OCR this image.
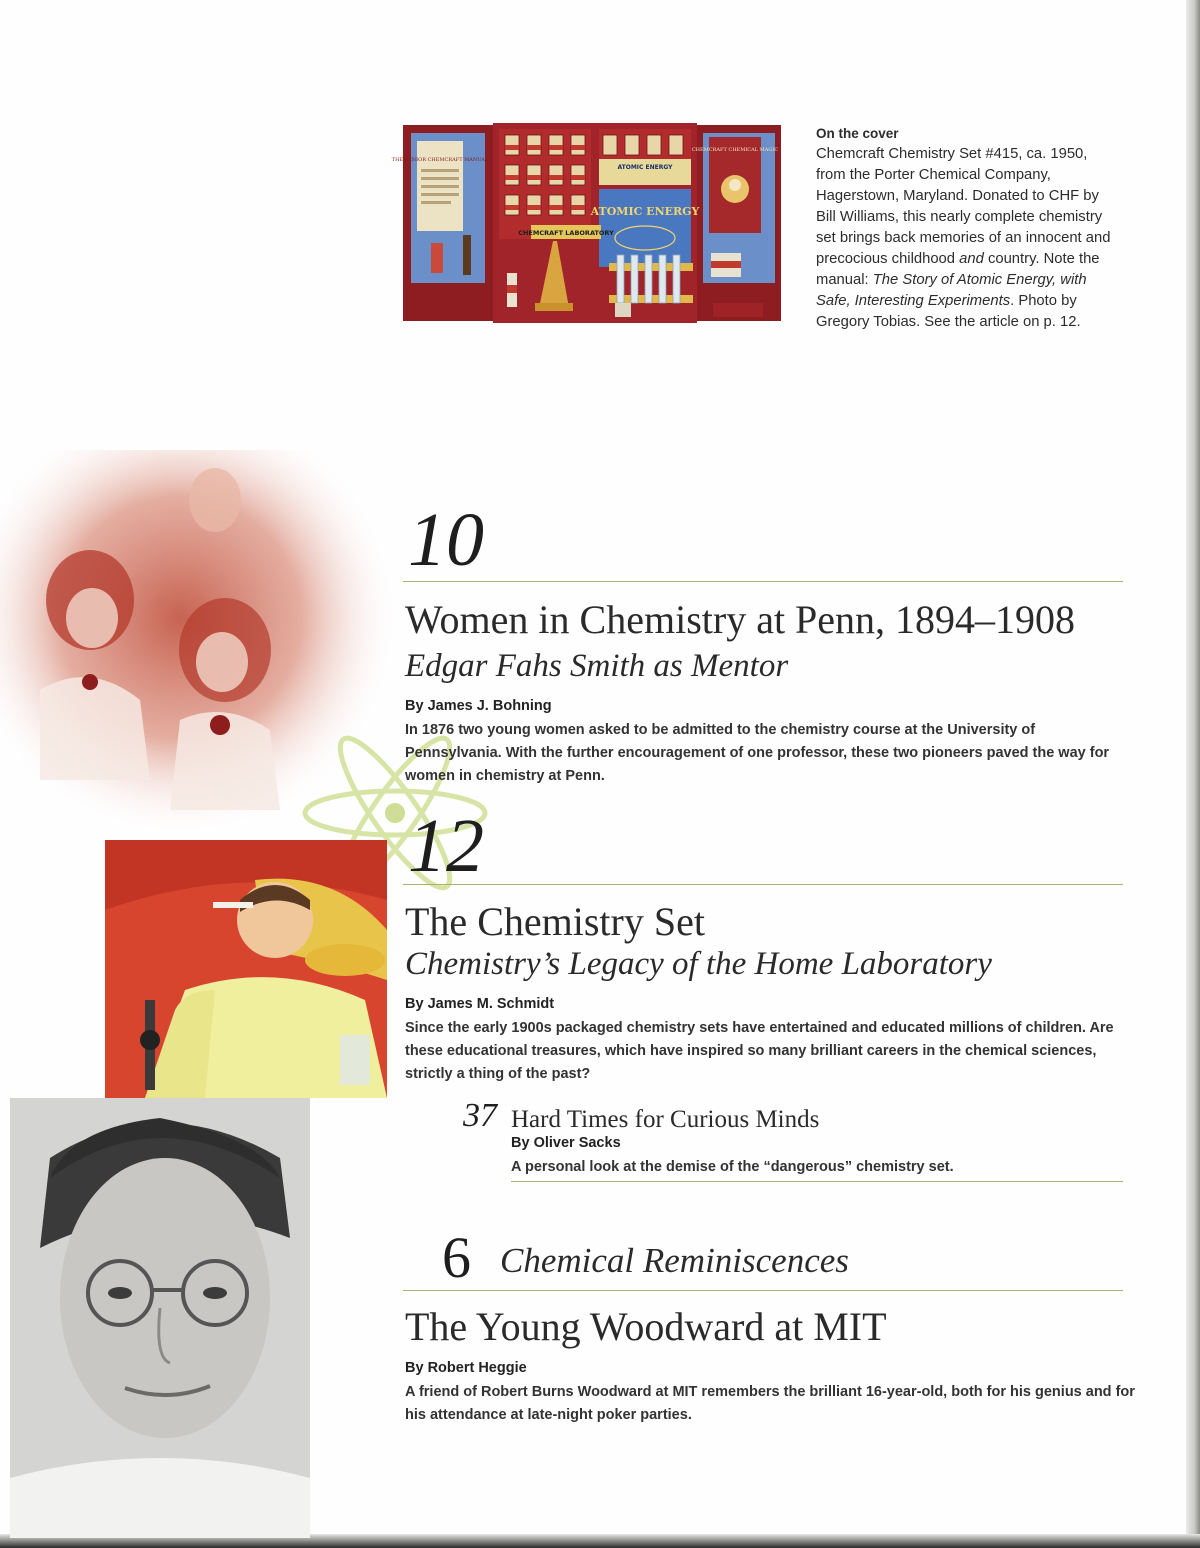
THE SENIOR CHEMCRAFT MANUAL
ATOMIC ENERGY
ATOMIC ENERGY
CHEMCRAFT LABORATORY
CHEMCRAFT CHEMICAL MAGIC
On the cover
Chemcraft Chemistry Set #415, ca. 1950, from the Porter Chemical Company, Hagerstown, Maryland. Donated to CHF by Bill Williams, this nearly complete chemistry set brings back memories of an innocent and precocious childhood and country. Note the manual: The Story of Atomic Energy, with Safe, Interesting Experiments. Photo by Gregory Tobias. See the article on p. 12.
10
Women in Chemistry at Penn, 1894–1908
Edgar Fahs Smith as Mentor
By James J. Bohning
In 1876 two young women asked to be admitted to the chemistry course at the University of Pennsylvania. With the further encouragement of one professor, these two pioneers paved the way for women in chemistry at Penn.
12
The Chemistry Set
Chemistry’s Legacy of the Home Laboratory
By James M. Schmidt
Since the early 1900s packaged chemistry sets have entertained and educated millions of children. Are these educational treasures, which have inspired so many brilliant careers in the chemical sciences, strictly a thing of the past?
37 Hard Times for Curious Minds
By Oliver Sacks
A personal look at the demise of the “dangerous” chemistry set.
6 Chemical Reminiscences
The Young Woodward at MIT
By Robert Heggie
A friend of Robert Burns Woodward at MIT remembers the brilliant 16-year-old, both for his genius and for his attendance at late-night poker parties.
